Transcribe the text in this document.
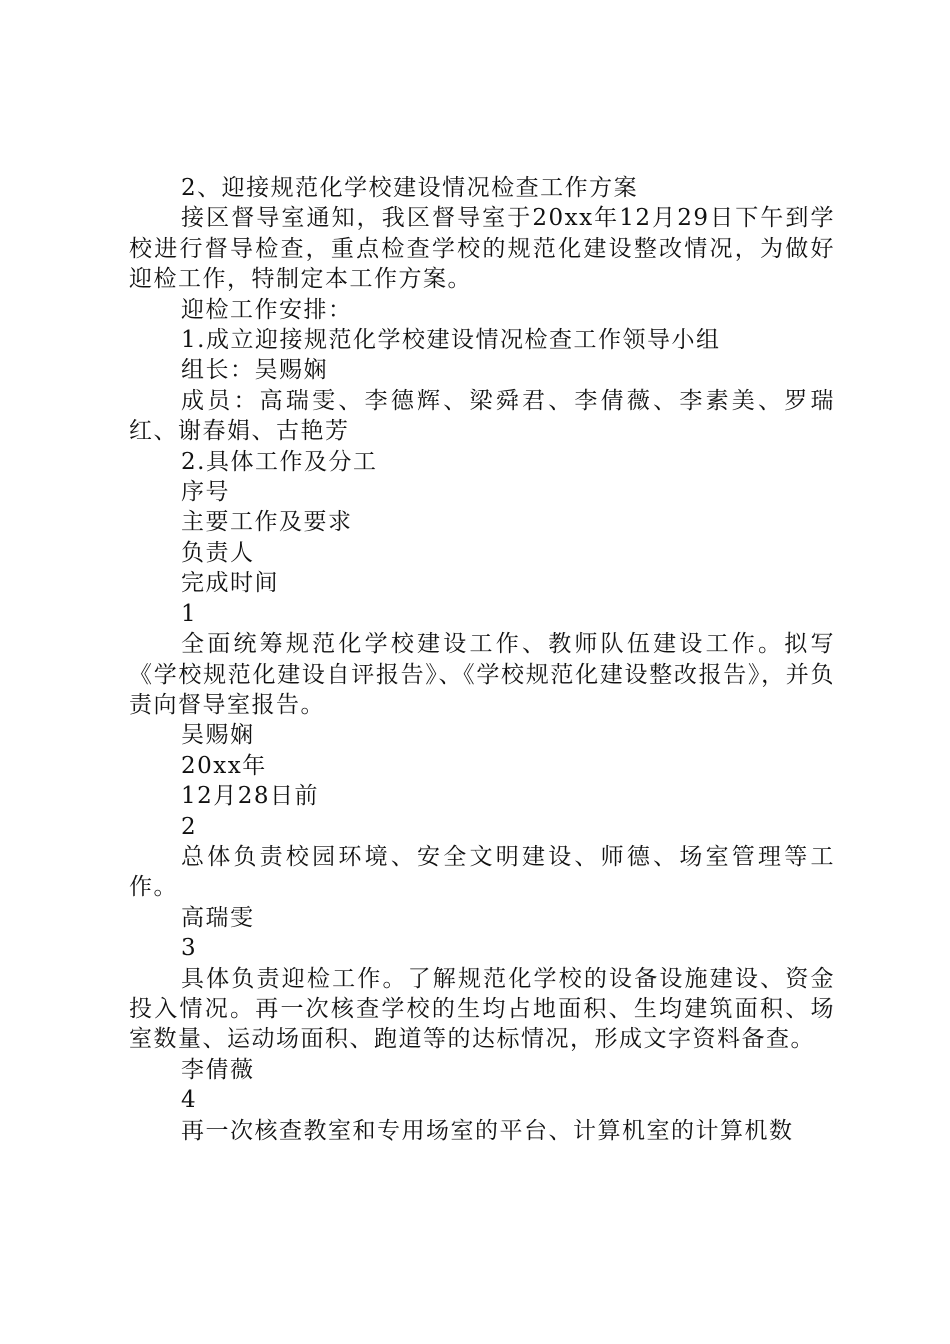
2、迎接规范化学校建设情况检查工作方案

接区督导室通知，我区督导室于20xx年12月29日下午到学校进行督导检查，重点检查学校的规范化建设整改情况，为做好迎检工作，特制定本工作方案。

迎检工作安排：

1.成立迎接规范化学校建设情况检查工作领导小组

组长：吴赐娴

成员：高瑞雯、李德辉、梁舜君、李倩薇、李素美、罗瑞红、谢春娟、古艳芳

2.具体工作及分工

序号

主要工作及要求

负责人

完成时间

1

全面统筹规范化学校建设工作、教师队伍建设工作。拟写《学校规范化建设自评报告》、《学校规范化建设整改报告》，并负责向督导室报告。

吴赐娴

20xx年

12月28日前

2

总体负责校园环境、安全文明建设、师德、场室管理等工作。

高瑞雯

3

具体负责迎检工作。了解规范化学校的设备设施建设、资金投入情况。再一次核查学校的生均占地面积、生均建筑面积、场室数量、运动场面积、跑道等的达标情况，形成文字资料备查。

李倩薇

4

再一次核查教室和专用场室的平台、计算机室的计算机数
